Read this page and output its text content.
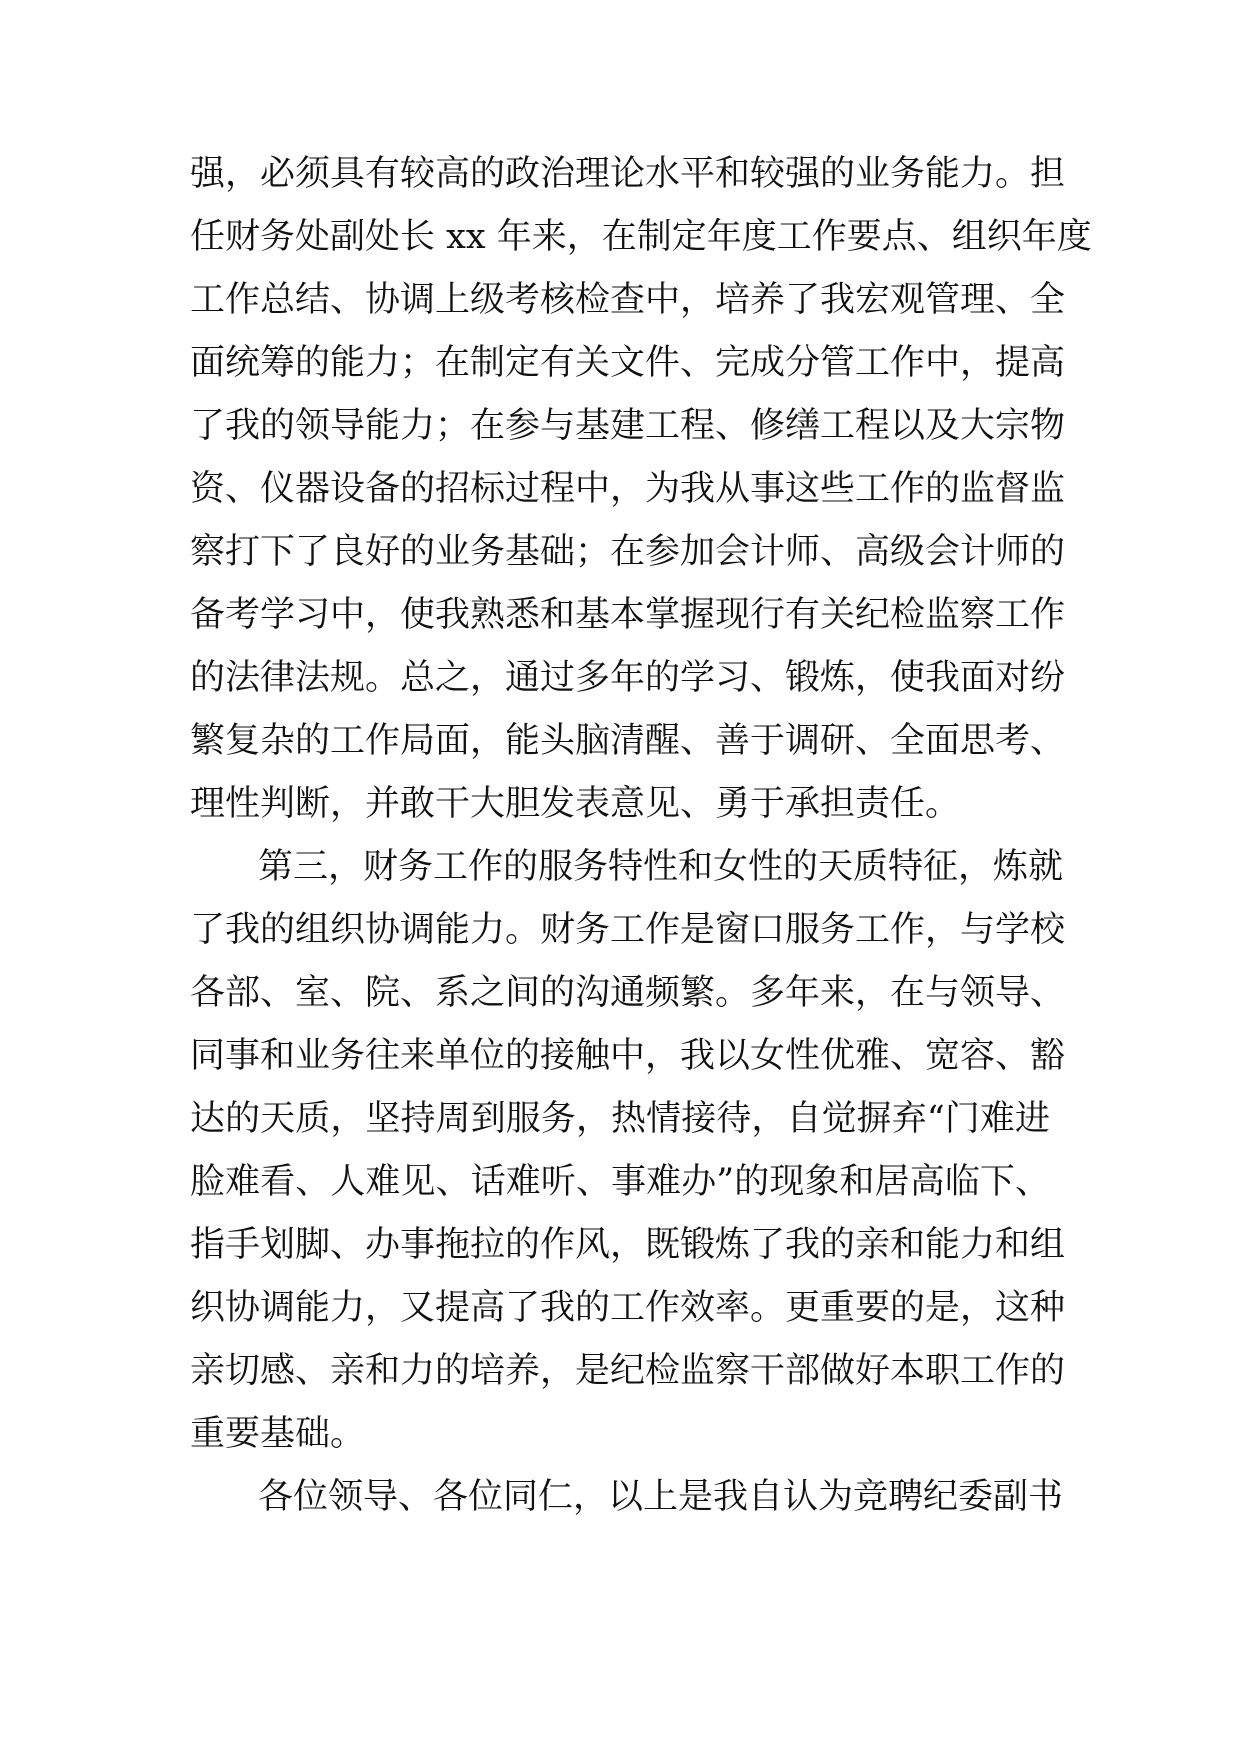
强，必须具有较高的政治理论水平和较强的业务能力。担
任财务处副处长 xx 年来，在制定年度工作要点、组织年度
工作总结、协调上级考核检查中，培养了我宏观管理、全
面统筹的能力；在制定有关文件、完成分管工作中，提高
了我的领导能力；在参与基建工程、修缮工程以及大宗物
资、仪器设备的招标过程中，为我从事这些工作的监督监
察打下了良好的业务基础；在参加会计师、高级会计师的
备考学习中，使我熟悉和基本掌握现行有关纪检监察工作
的法律法规。总之，通过多年的学习、锻炼，使我面对纷
繁复杂的工作局面，能头脑清醒、善于调研、全面思考、
理性判断，并敢干大胆发表意见、勇于承担责任。
第三，财务工作的服务特性和女性的天质特征，炼就
了我的组织协调能力。财务工作是窗口服务工作，与学校
各部、室、院、系之间的沟通频繁。多年来，在与领导、
同事和业务往来单位的接触中，我以女性优雅、宽容、豁
达的天质，坚持周到服务，热情接待，自觉摒弃“门难进
脸难看、人难见、话难听、事难办”的现象和居高临下、
指手划脚、办事拖拉的作风，既锻炼了我的亲和能力和组
织协调能力，又提高了我的工作效率。更重要的是，这种
亲切感、亲和力的培养，是纪检监察干部做好本职工作的
重要基础。
各位领导、各位同仁，以上是我自认为竞聘纪委副书
